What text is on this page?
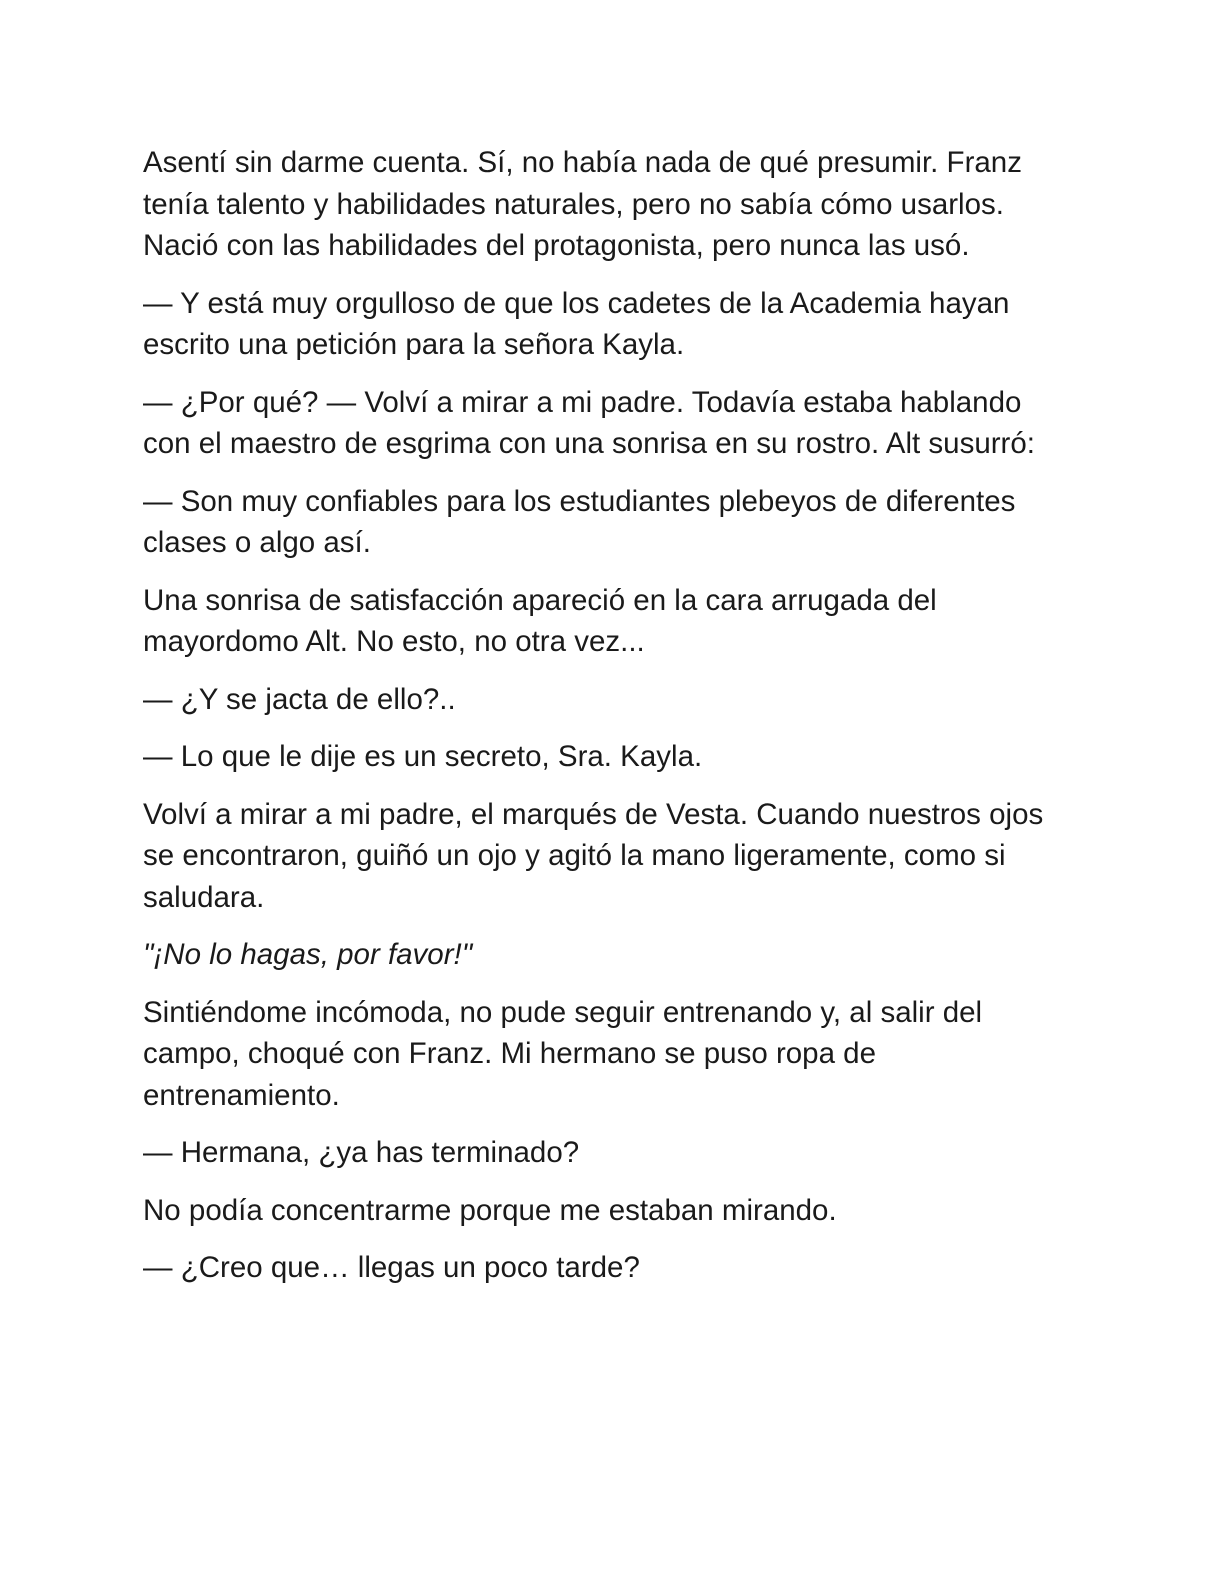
Asentí sin darme cuenta. Sí, no había nada de qué presumir. Franz tenía talento y habilidades naturales, pero no sabía cómo usarlos. Nació con las habilidades del protagonista, pero nunca las usó.

— Y está muy orgulloso de que los cadetes de la Academia hayan escrito una petición para la señora Kayla.

— ¿Por qué? — Volví a mirar a mi padre. Todavía estaba hablando con el maestro de esgrima con una sonrisa en su rostro. Alt susurró:

— Son muy confiables para los estudiantes plebeyos de diferentes clases o algo así.

Una sonrisa de satisfacción apareció en la cara arrugada del mayordomo Alt. No esto, no otra vez...

— ¿Y se jacta de ello?..

— Lo que le dije es un secreto, Sra. Kayla.

Volví a mirar a mi padre, el marqués de Vesta. Cuando nuestros ojos se encontraron, guiñó un ojo y agitó la mano ligeramente, como si saludara.

"¡No lo hagas, por favor!"

Sintiéndome incómoda, no pude seguir entrenando y, al salir del campo, choqué con Franz. Mi hermano se puso ropa de entrenamiento.

— Hermana, ¿ya has terminado?

No podía concentrarme porque me estaban mirando.

— ¿Creo que… llegas un poco tarde?
